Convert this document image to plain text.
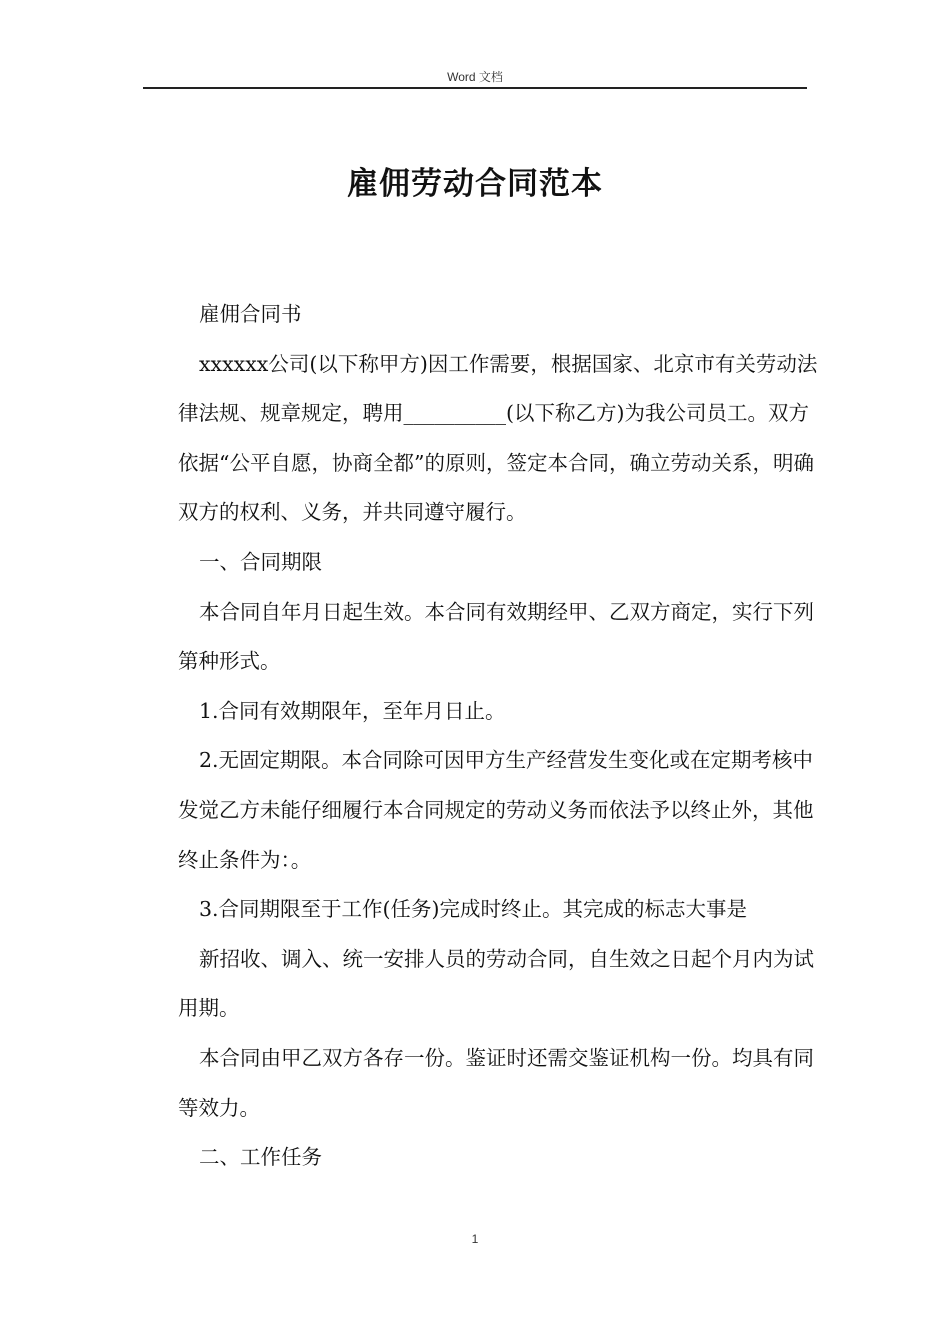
Word 文档
雇佣劳动合同范本

雇佣合同书

xxxxxx公司(以下称甲方)因工作需要，根据国家、北京市有关劳动法律法规、规章规定，聘用__________(以下称乙方)为我公司员工。双方依据“公平自愿，协商全都”的原则，签定本合同，确立劳动关系，明确双方的权利、义务，并共同遵守履行。

一、合同期限

本合同自年月日起生效。本合同有效期经甲、乙双方商定，实行下列第种形式。

1.合同有效期限年，至年月日止。

2.无固定期限。本合同除可因甲方生产经营发生变化或在定期考核中发觉乙方未能仔细履行本合同规定的劳动义务而依法予以终止外，其他终止条件为：。

3.合同期限至于工作(任务)完成时终止。其完成的标志大事是

新招收、调入、统一安排人员的劳动合同，自生效之日起个月内为试用期。

本合同由甲乙双方各存一份。鉴证时还需交鉴证机构一份。均具有同等效力。

二、工作任务

1
